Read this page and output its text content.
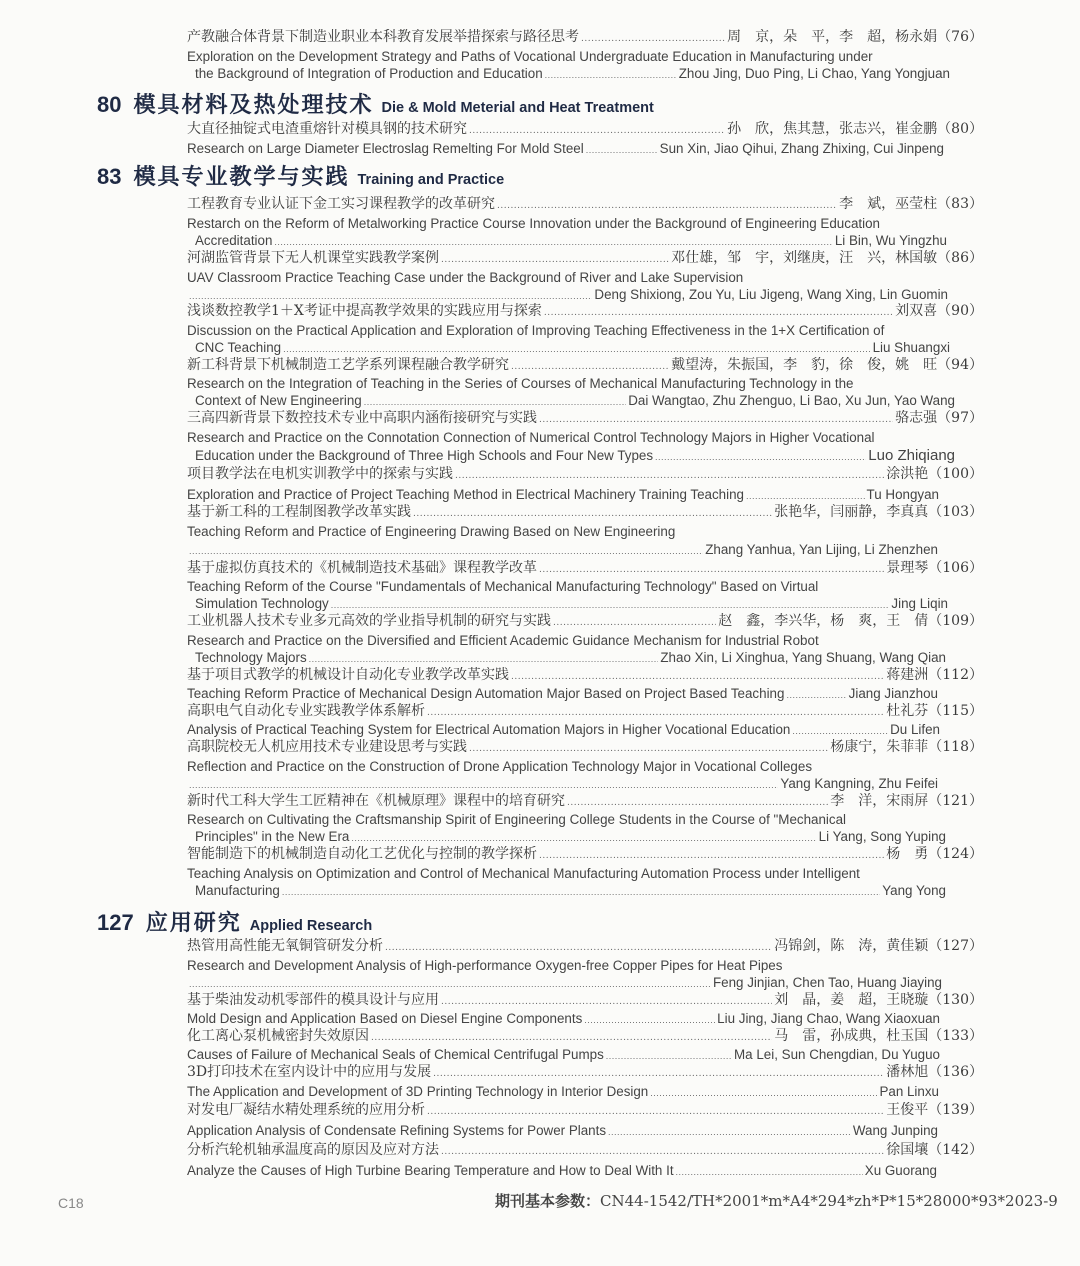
产教融合体背景下制造业职业本科教育发展举措探索与路径思考 .....	周　京，朵　平，李　超，杨永娟（76）
Exploration on the Development Strategy and Paths of Vocational Undergraduate Education in Manufacturing under
the Background of Integration of Production and Education .....	Zhou Jing, Duo Ping, Li Chao, Yang Yongjuan
80 模具材料及热处理技术 Die & Mold Meterial and Heat Treatment
大直径抽锭式电渣重熔针对模具钢的技术研究 .....	孙　欣，焦其慧，张志兴，崔金鹏（80）
Research on Large Diameter Electroslag Remelting For Mold Steel .....	Sun Xin, Jiao Qihui, Zhang Zhixing, Cui Jinpeng
83 模具专业教学与实践 Training and Practice
工程教育专业认证下金工实习课程教学的改革研究 .....	李　斌，巫莹柱（83）
Restarch on the Reform of Metalworking Practice Course Innovation under the Background of Engineering Education
Accreditation .....	Li Bin, Wu Yingzhu
河湖监管背景下无人机课堂实践教学案例 .....	邓仕雄，邹　宇，刘继庚，汪　兴，林国敏（86）
UAV Classroom Practice Teaching Case under the Background of River and Lake Supervision
.....
Deng Shixiong, Zou Yu, Liu Jigeng, Wang Xing, Lin Guomin
浅谈数控教学1＋X考证中提高教学效果的实践应用与探索 .....	刘双喜（90）
Discussion on the Practical Application and Exploration of Improving Teaching Effectiveness in the 1+X Certification of
CNC Teaching .....	Liu Shuangxi
新工科背景下机械制造工艺学系列课程融合教学研究 .....	戴望涛，朱振国，李　豹，徐　俊，姚　旺（94）
Research on the Integration of Teaching in the Series of Courses of Mechanical Manufacturing Technology in the
Context of New Engineering .....	Dai Wangtao, Zhu Zhenguo, Li Bao, Xu Jun, Yao Wang
三高四新背景下数控技术专业中高职内涵衔接研究与实践 .....	骆志强（97）
Research and Practice on the Connotation Connection of Numerical Control Technology Majors in Higher Vocational
Education under the Background of Three High Schools and Four New Types .....	Luo Zhiqiang
项目教学法在电机实训教学中的探索与实践 .....	涂洪艳（100）
Exploration and Practice of Project Teaching Method in Electrical Machinery Training Teaching .....	Tu Hongyan
基于新工科的工程制图教学改革实践 .....	张艳华，闫丽静，李真真（103）
Teaching Reform and Practice of Engineering Drawing Based on New Engineering
.....
Zhang Yanhua, Yan Lijing, Li Zhenzhen
基于虚拟仿真技术的《机械制造技术基础》课程教学改革 .....	景理琴（106）
Teaching Reform of the Course "Fundamentals of Mechanical Manufacturing Technology" Based on Virtual
Simulation Technology .....	Jing Liqin
工业机器人技术专业多元高效的学业指导机制的研究与实践 .....	赵　鑫，李兴华，杨　爽，王　倩（109）
Research and Practice on the Diversified and Efficient Academic Guidance Mechanism for Industrial Robot
Technology Majors .....	Zhao Xin, Li Xinghua, Yang Shuang, Wang Qian
基于项目式教学的机械设计自动化专业教学改革实践 .....	蒋建洲（112）
Teaching Reform Practice of Mechanical Design Automation Major Based on Project Based Teaching .....	Jiang Jianzhou
高职电气自动化专业实践教学体系解析 .....	杜礼芬（115）
Analysis of Practical Teaching System for Electrical Automation Majors in Higher Vocational Education .....	Du Lifen
高职院校无人机应用技术专业建设思考与实践 .....	杨康宁，朱菲菲（118）
Reflection and Practice on the Construction of Drone Application Technology Major in Vocational Colleges
.....
Yang Kangning, Zhu Feifei
新时代工科大学生工匠精神在《机械原理》课程中的培育研究 .....	李　洋，宋雨屏（121）
Research on Cultivating the Craftsmanship Spirit of Engineering College Students in the Course of "Mechanical
Principles" in the New Era .....	Li Yang, Song Yuping
智能制造下的机械制造自动化工艺优化与控制的教学探析 .....	杨　勇（124）
Teaching Analysis on Optimization and Control of Mechanical Manufacturing Automation Process under Intelligent
Manufacturing .....	Yang Yong
127 应用研究 Applied Research
热管用高性能无氧铜管研发分析 .....	冯锦剑，陈　涛，黄佳颖（127）
Research and Development Analysis of High-performance Oxygen-free Copper Pipes for Heat Pipes
.....
Feng Jinjian, Chen Tao, Huang Jiaying
基于柴油发动机零部件的模具设计与应用 .....	刘　晶，姜　超，王晓璇（130）
Mold Design and Application Based on Diesel Engine Components .....	Liu Jing, Jiang Chao, Wang Xiaoxuan
化工离心泵机械密封失效原因 .....	马　雷，孙成典，杜玉国（133）
Causes of Failure of Mechanical Seals of Chemical Centrifugal Pumps .....	Ma Lei, Sun Chengdian, Du Yuguo
3D打印技术在室内设计中的应用与发展 .....	潘林旭（136）
The Application and Development of 3D Printing Technology in Interior Design .....	Pan Linxu
对发电厂凝结水精处理系统的应用分析 .....	王俊平（139）
Application Analysis of Condensate Refining Systems for Power Plants .....	Wang Junping
分析汽轮机轴承温度高的原因及应对方法 .....	徐国壤（142）
Analyze the Causes of High Turbine Bearing Temperature and How to Deal With It .....	Xu Guorang
C18	期刊基本参数：CN44-1542/TH*2001*m*A4*294*zh*P*15*28000*93*2023-9
